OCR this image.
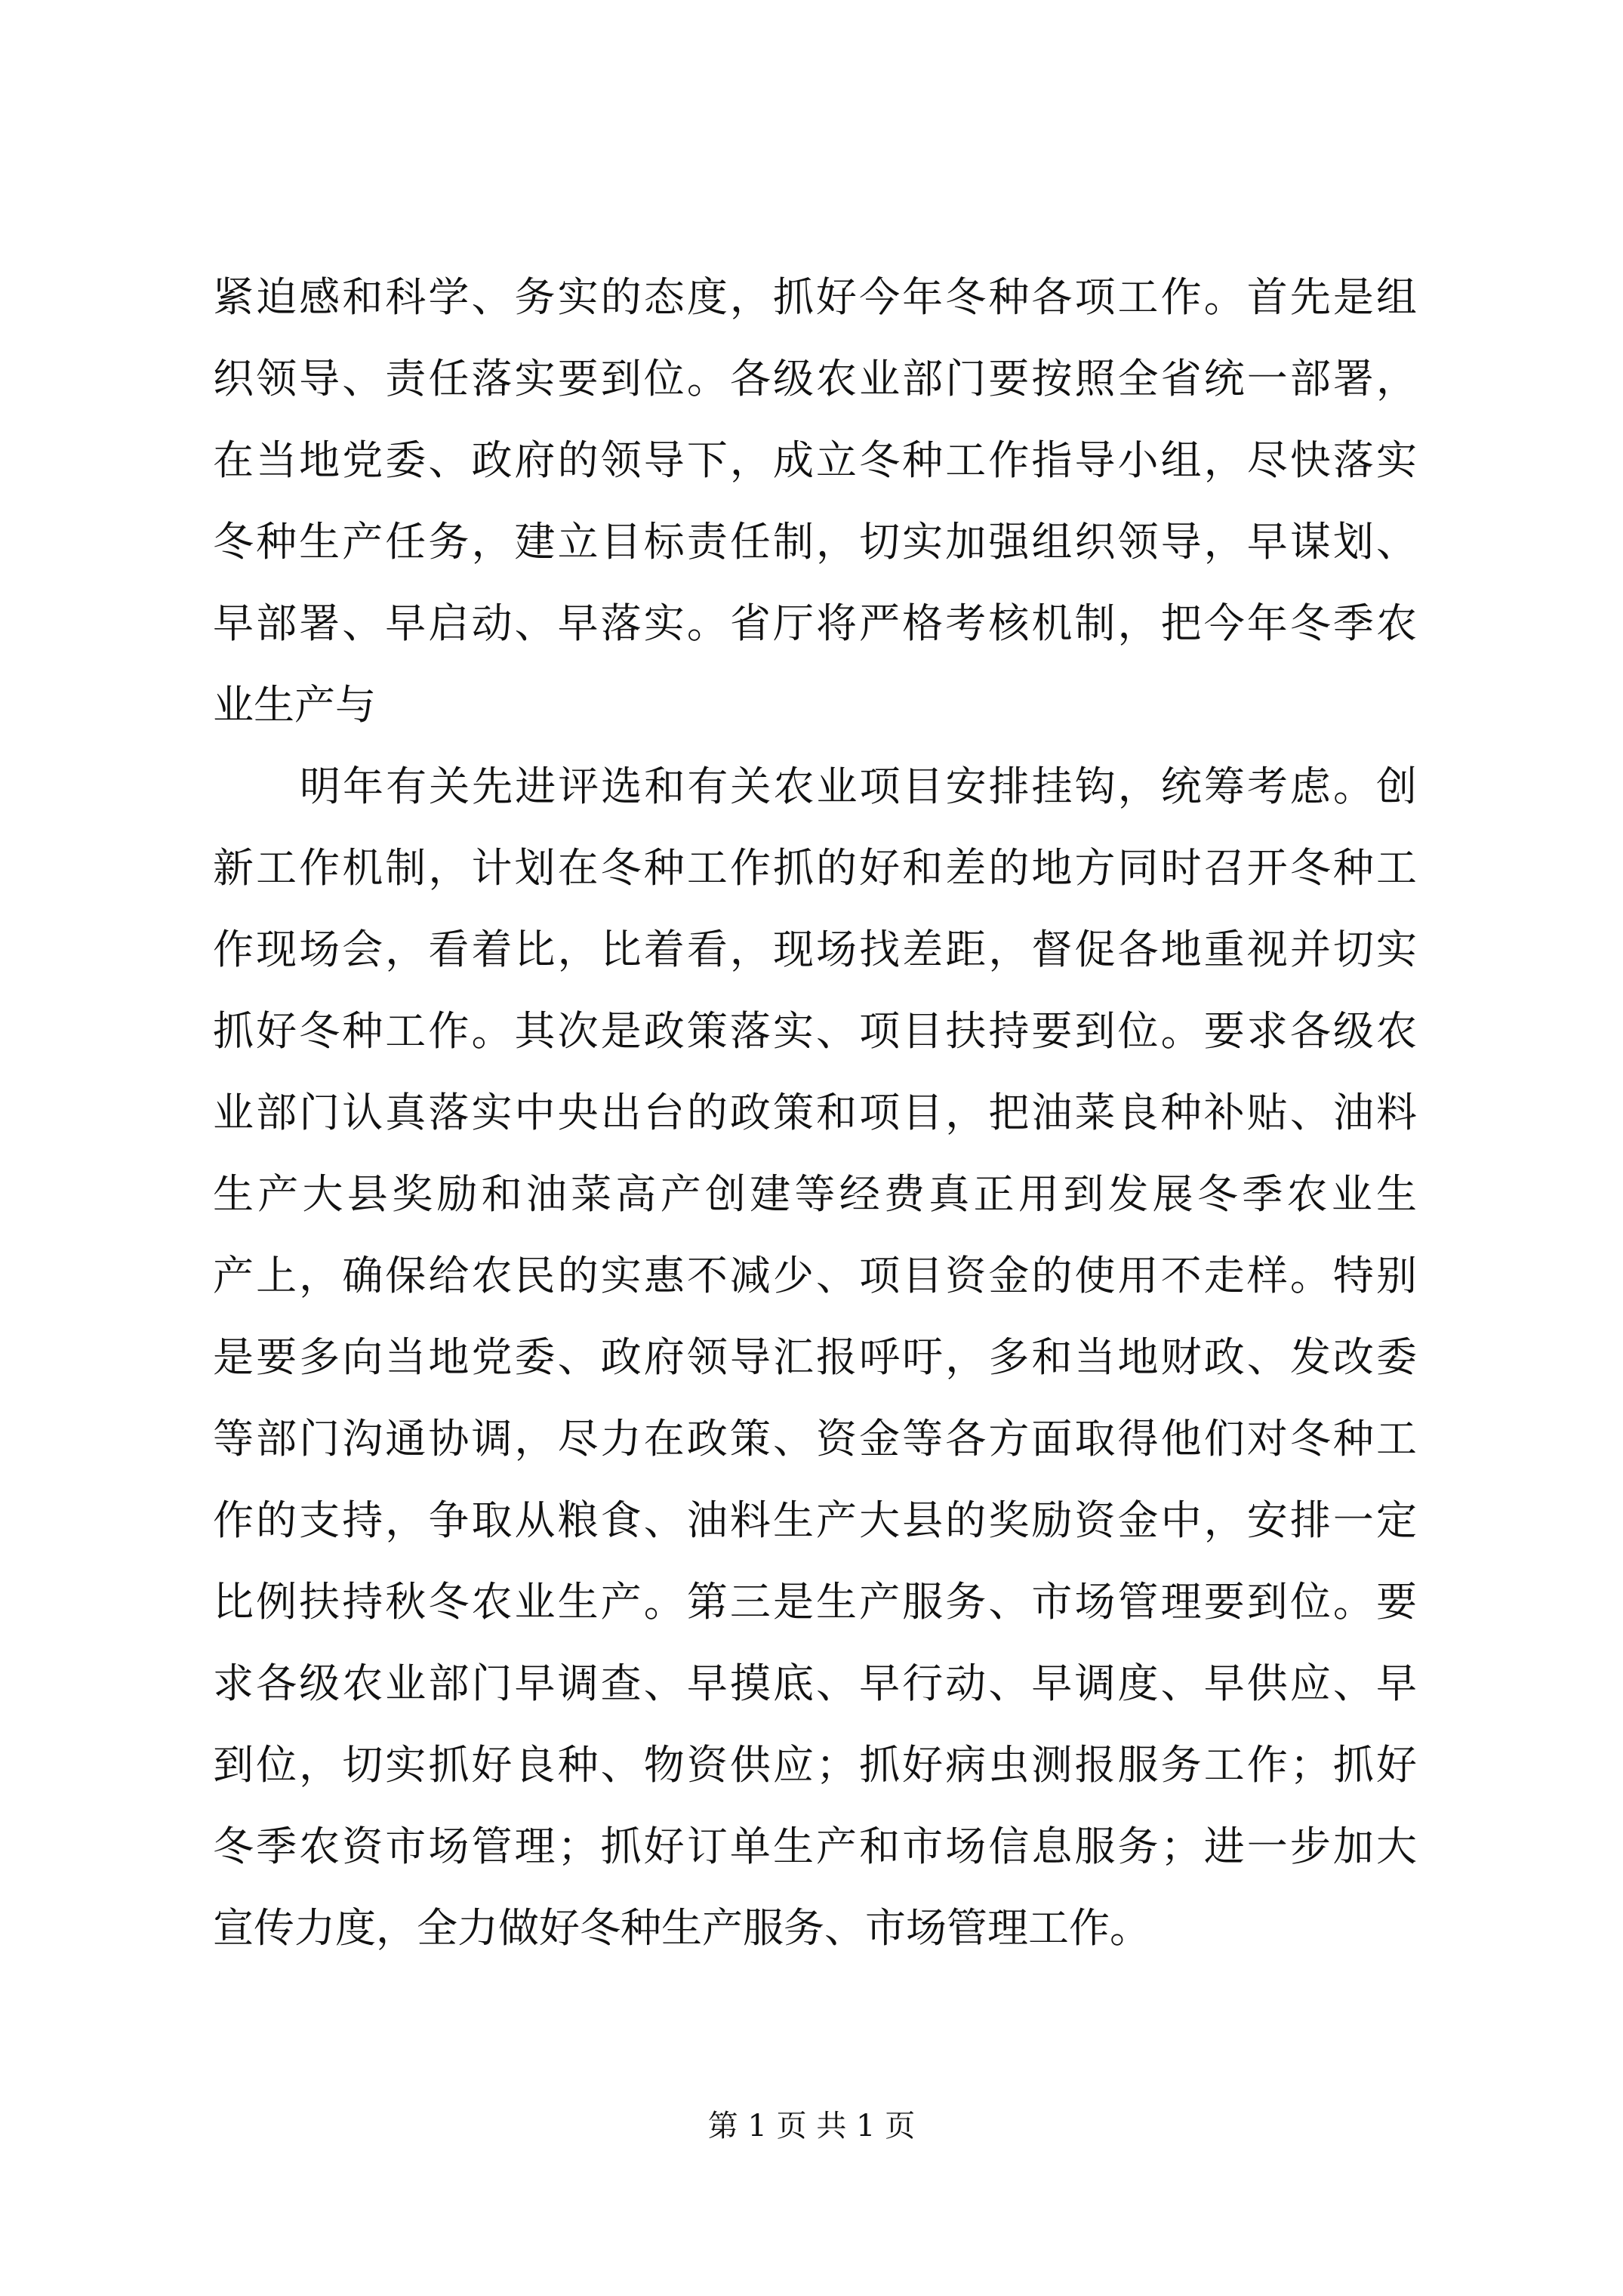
紧迫感和科学、务实的态度，抓好今年冬种各项工作。首先是组
织领导、责任落实要到位。各级农业部门要按照全省统一部署，
在当地党委、政府的领导下，成立冬种工作指导小组，尽快落实
冬种生产任务，建立目标责任制，切实加强组织领导，早谋划、
早部署、早启动、早落实。省厅将严格考核机制，把今年冬季农
业生产与
明年有关先进评选和有关农业项目安排挂钩，统筹考虑。创
新工作机制，计划在冬种工作抓的好和差的地方同时召开冬种工
作现场会，看着比，比着看，现场找差距，督促各地重视并切实
抓好冬种工作。其次是政策落实、项目扶持要到位。要求各级农
业部门认真落实中央出台的政策和项目，把油菜良种补贴、油料
生产大县奖励和油菜高产创建等经费真正用到发展冬季农业生
产上，确保给农民的实惠不减少、项目资金的使用不走样。特别
是要多向当地党委、政府领导汇报呼吁，多和当地财政、发改委
等部门沟通协调，尽力在政策、资金等各方面取得他们对冬种工
作的支持，争取从粮食、油料生产大县的奖励资金中，安排一定
比例扶持秋冬农业生产。第三是生产服务、市场管理要到位。要
求各级农业部门早调查、早摸底、早行动、早调度、早供应、早
到位，切实抓好良种、物资供应；抓好病虫测报服务工作；抓好
冬季农资市场管理；抓好订单生产和市场信息服务；进一步加大
宣传力度，全力做好冬种生产服务、市场管理工作。
第 1 页 共 1 页
